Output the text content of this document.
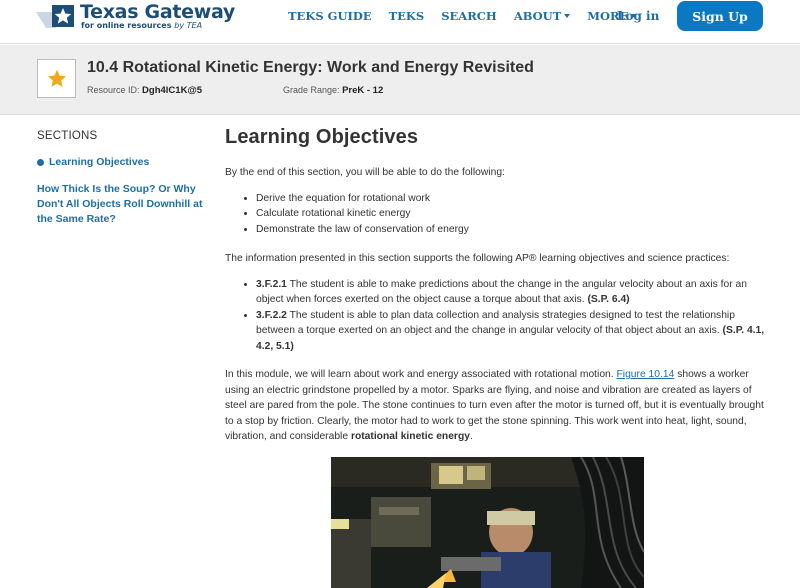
Texas Gateway
for online resources by TEA
TEKS GUIDE TEKS SEARCH ABOUT	MORE
Log in	Sign Up
10.4 Rotational Kinetic Energy: Work and Energy Revisited
Resource ID: Dgh4lC1K@5	Grade Range: PreK - 12
SECTIONS
Learning Objectives
How Thick Is the Soup? Or Why Don't All Objects Roll Downhill at the Same Rate?
Learning Objectives

By the end of this section, you will be able to do the following:

• Derive the equation for rotational work
• Calculate rotational kinetic energy
• Demonstrate the law of conservation of energy

The information presented in this section supports the following AP® learning objectives and science practices:

• 3.F.2.1 The student is able to make predictions about the change in the angular velocity about an axis for an object when forces exerted on the object cause a torque about that axis. (S.P. 6.4)
• 3.F.2.2 The student is able to plan data collection and analysis strategies designed to test the relationship between a torque exerted on an object and the change in angular velocity of that object about an axis. (S.P. 4.1, 4.2, 5.1)

In this module, we will learn about work and energy associated with rotational motion. Figure 10.14 shows a worker using an electric grindstone propelled by a motor. Sparks are flying, and noise and vibration are created as layers of steel are pared from the pole. The stone continues to turn even after the motor is turned off, but it is eventually brought to a stop by friction. Clearly, the motor had to work to get the stone spinning. This work went into heat, light, sound, vibration, and considerable rotational kinetic energy.
